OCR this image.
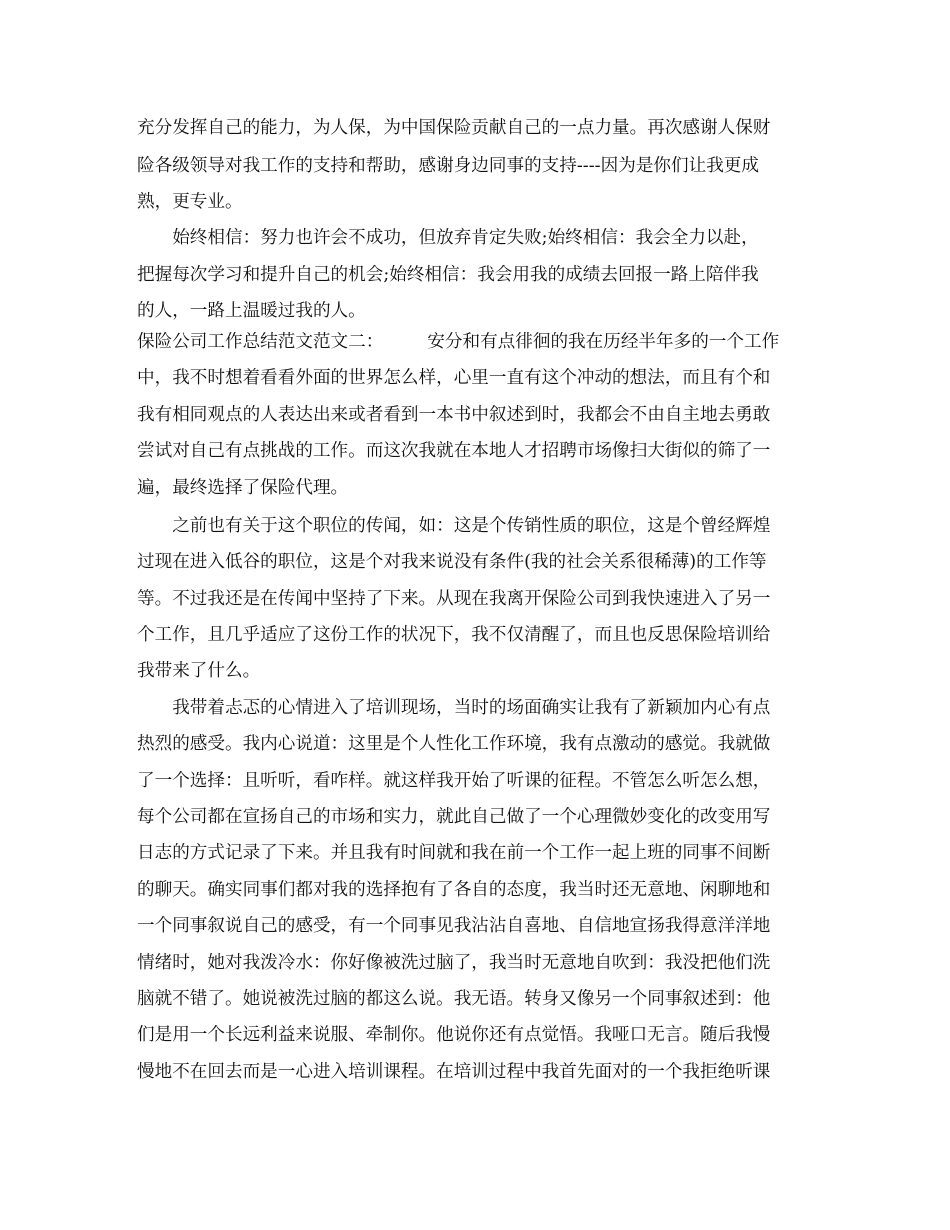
充分发挥自己的能力，为人保，为中国保险贡献自己的一点力量。再次感谢人保财
险各级领导对我工作的支持和帮助，感谢身边同事的支持----因为是你们让我更成
熟，更专业。
　　始终相信：努力也许会不成功，但放弃肯定失败;始终相信：我会全力以赴，
把握每次学习和提升自己的机会;始终相信：我会用我的成绩去回报一路上陪伴我
的人，一路上温暖过我的人。
保险公司工作总结范文范文二：　　　安分和有点徘徊的我在历经半年多的一个工作
中，我不时想着看看外面的世界怎么样，心里一直有这个冲动的想法，而且有个和
我有相同观点的人表达出来或者看到一本书中叙述到时，我都会不由自主地去勇敢
尝试对自己有点挑战的工作。而这次我就在本地人才招聘市场像扫大街似的筛了一
遍，最终选择了保险代理。
　　之前也有关于这个职位的传闻，如：这是个传销性质的职位，这是个曾经辉煌
过现在进入低谷的职位，这是个对我来说没有条件(我的社会关系很稀薄)的工作等
等。不过我还是在传闻中坚持了下来。从现在我离开保险公司到我快速进入了另一
个工作，且几乎适应了这份工作的状况下，我不仅清醒了，而且也反思保险培训给
我带来了什么。
　　我带着忐忑的心情进入了培训现场，当时的场面确实让我有了新颖加内心有点
热烈的感受。我内心说道：这里是个人性化工作环境，我有点激动的感觉。我就做
了一个选择：且听听，看咋样。就这样我开始了听课的征程。不管怎么听怎么想，
每个公司都在宣扬自己的市场和实力，就此自己做了一个心理微妙变化的改变用写
日志的方式记录了下来。并且我有时间就和我在前一个工作一起上班的同事不间断
的聊天。确实同事们都对我的选择抱有了各自的态度，我当时还无意地、闲聊地和
一个同事叙说自己的感受，有一个同事见我沾沾自喜地、自信地宣扬我得意洋洋地
情绪时，她对我泼冷水：你好像被洗过脑了，我当时无意地自吹到：我没把他们洗
脑就不错了。她说被洗过脑的都这么说。我无语。转身又像另一个同事叙述到：他
们是用一个长远利益来说服、牵制你。他说你还有点觉悟。我哑口无言。随后我慢
慢地不在回去而是一心进入培训课程。在培训过程中我首先面对的一个我拒绝听课
